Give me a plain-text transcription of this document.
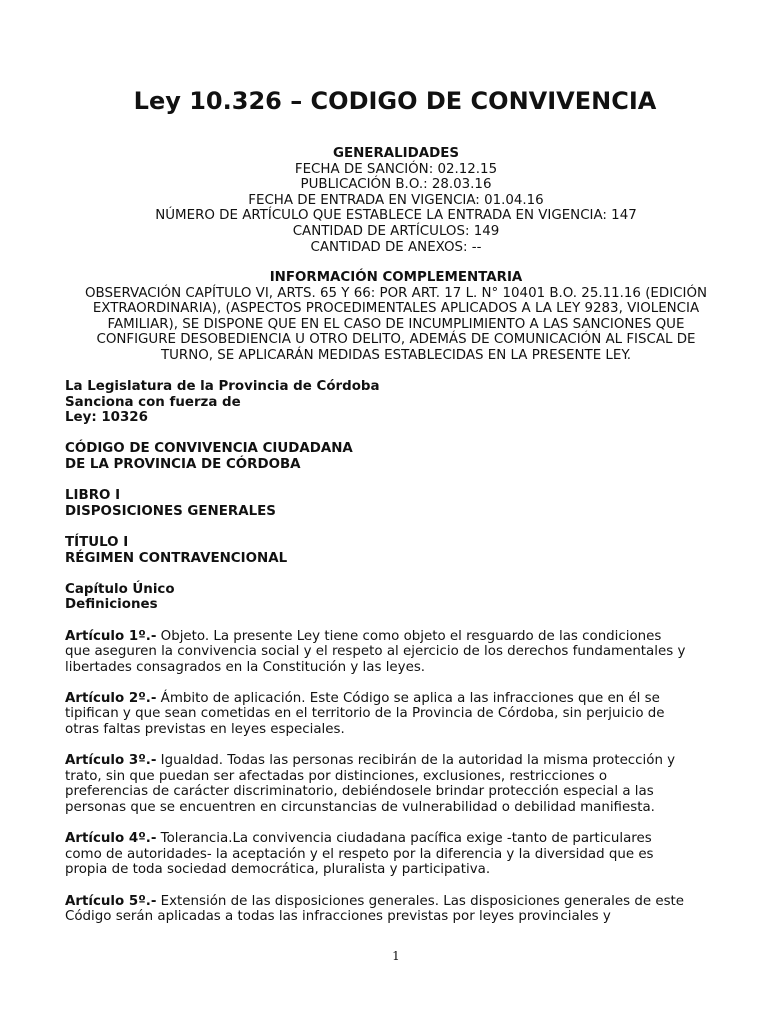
Ley 10.326 – CODIGO DE CONVIVENCIA
GENERALIDADES
FECHA DE SANCIÓN: 02.12.15
PUBLICACIÓN B.O.: 28.03.16
FECHA DE ENTRADA EN VIGENCIA: 01.04.16
NÚMERO DE ARTÍCULO QUE ESTABLECE LA ENTRADA EN VIGENCIA: 147
CANTIDAD DE ARTÍCULOS: 149
CANTIDAD DE ANEXOS: --
INFORMACIÓN COMPLEMENTARIA
OBSERVACIÓN CAPÍTULO VI, ARTS. 65 Y 66: POR ART. 17 L. N° 10401 B.O. 25.11.16 (EDICIÓN
EXTRAORDINARIA), (ASPECTOS PROCEDIMENTALES APLICADOS A LA LEY 9283, VIOLENCIA
FAMILIAR), SE DISPONE QUE EN EL CASO DE INCUMPLIMIENTO A LAS SANCIONES QUE
CONFIGURE DESOBEDIENCIA U OTRO DELITO, ADEMÁS DE COMUNICACIÓN AL FISCAL DE
TURNO, SE APLICARÁN MEDIDAS ESTABLECIDAS EN LA PRESENTE LEY.
La Legislatura de la Provincia de Córdoba
Sanciona con fuerza de
Ley: 10326
CÓDIGO DE CONVIVENCIA CIUDADANA
DE LA PROVINCIA DE CÓRDOBA
LIBRO I
DISPOSICIONES GENERALES
TÍTULO I
RÉGIMEN CONTRAVENCIONAL
Capítulo Único
Definiciones
Artículo 1º.- Objeto. La presente Ley tiene como objeto el resguardo de las condiciones
que aseguren la convivencia social y el respeto al ejercicio de los derechos fundamentales y
libertades consagrados en la Constitución y las leyes.
Artículo 2º.- Ámbito de aplicación. Este Código se aplica a las infracciones que en él se
tipifican y que sean cometidas en el territorio de la Provincia de Córdoba, sin perjuicio de
otras faltas previstas en leyes especiales.
Artículo 3º.- Igualdad. Todas las personas recibirán de la autoridad la misma protección y
trato, sin que puedan ser afectadas por distinciones, exclusiones, restricciones o
preferencias de carácter discriminatorio, debiéndosele brindar protección especial a las
personas que se encuentren en circunstancias de vulnerabilidad o debilidad manifiesta.
Artículo 4º.- Tolerancia.La convivencia ciudadana pacífica exige -tanto de particulares
como de autoridades- la aceptación y el respeto por la diferencia y la diversidad que es
propia de toda sociedad democrática, pluralista y participativa.
Artículo 5º.- Extensión de las disposiciones generales. Las disposiciones generales de este
Código serán aplicadas a todas las infracciones previstas por leyes provinciales y
1
